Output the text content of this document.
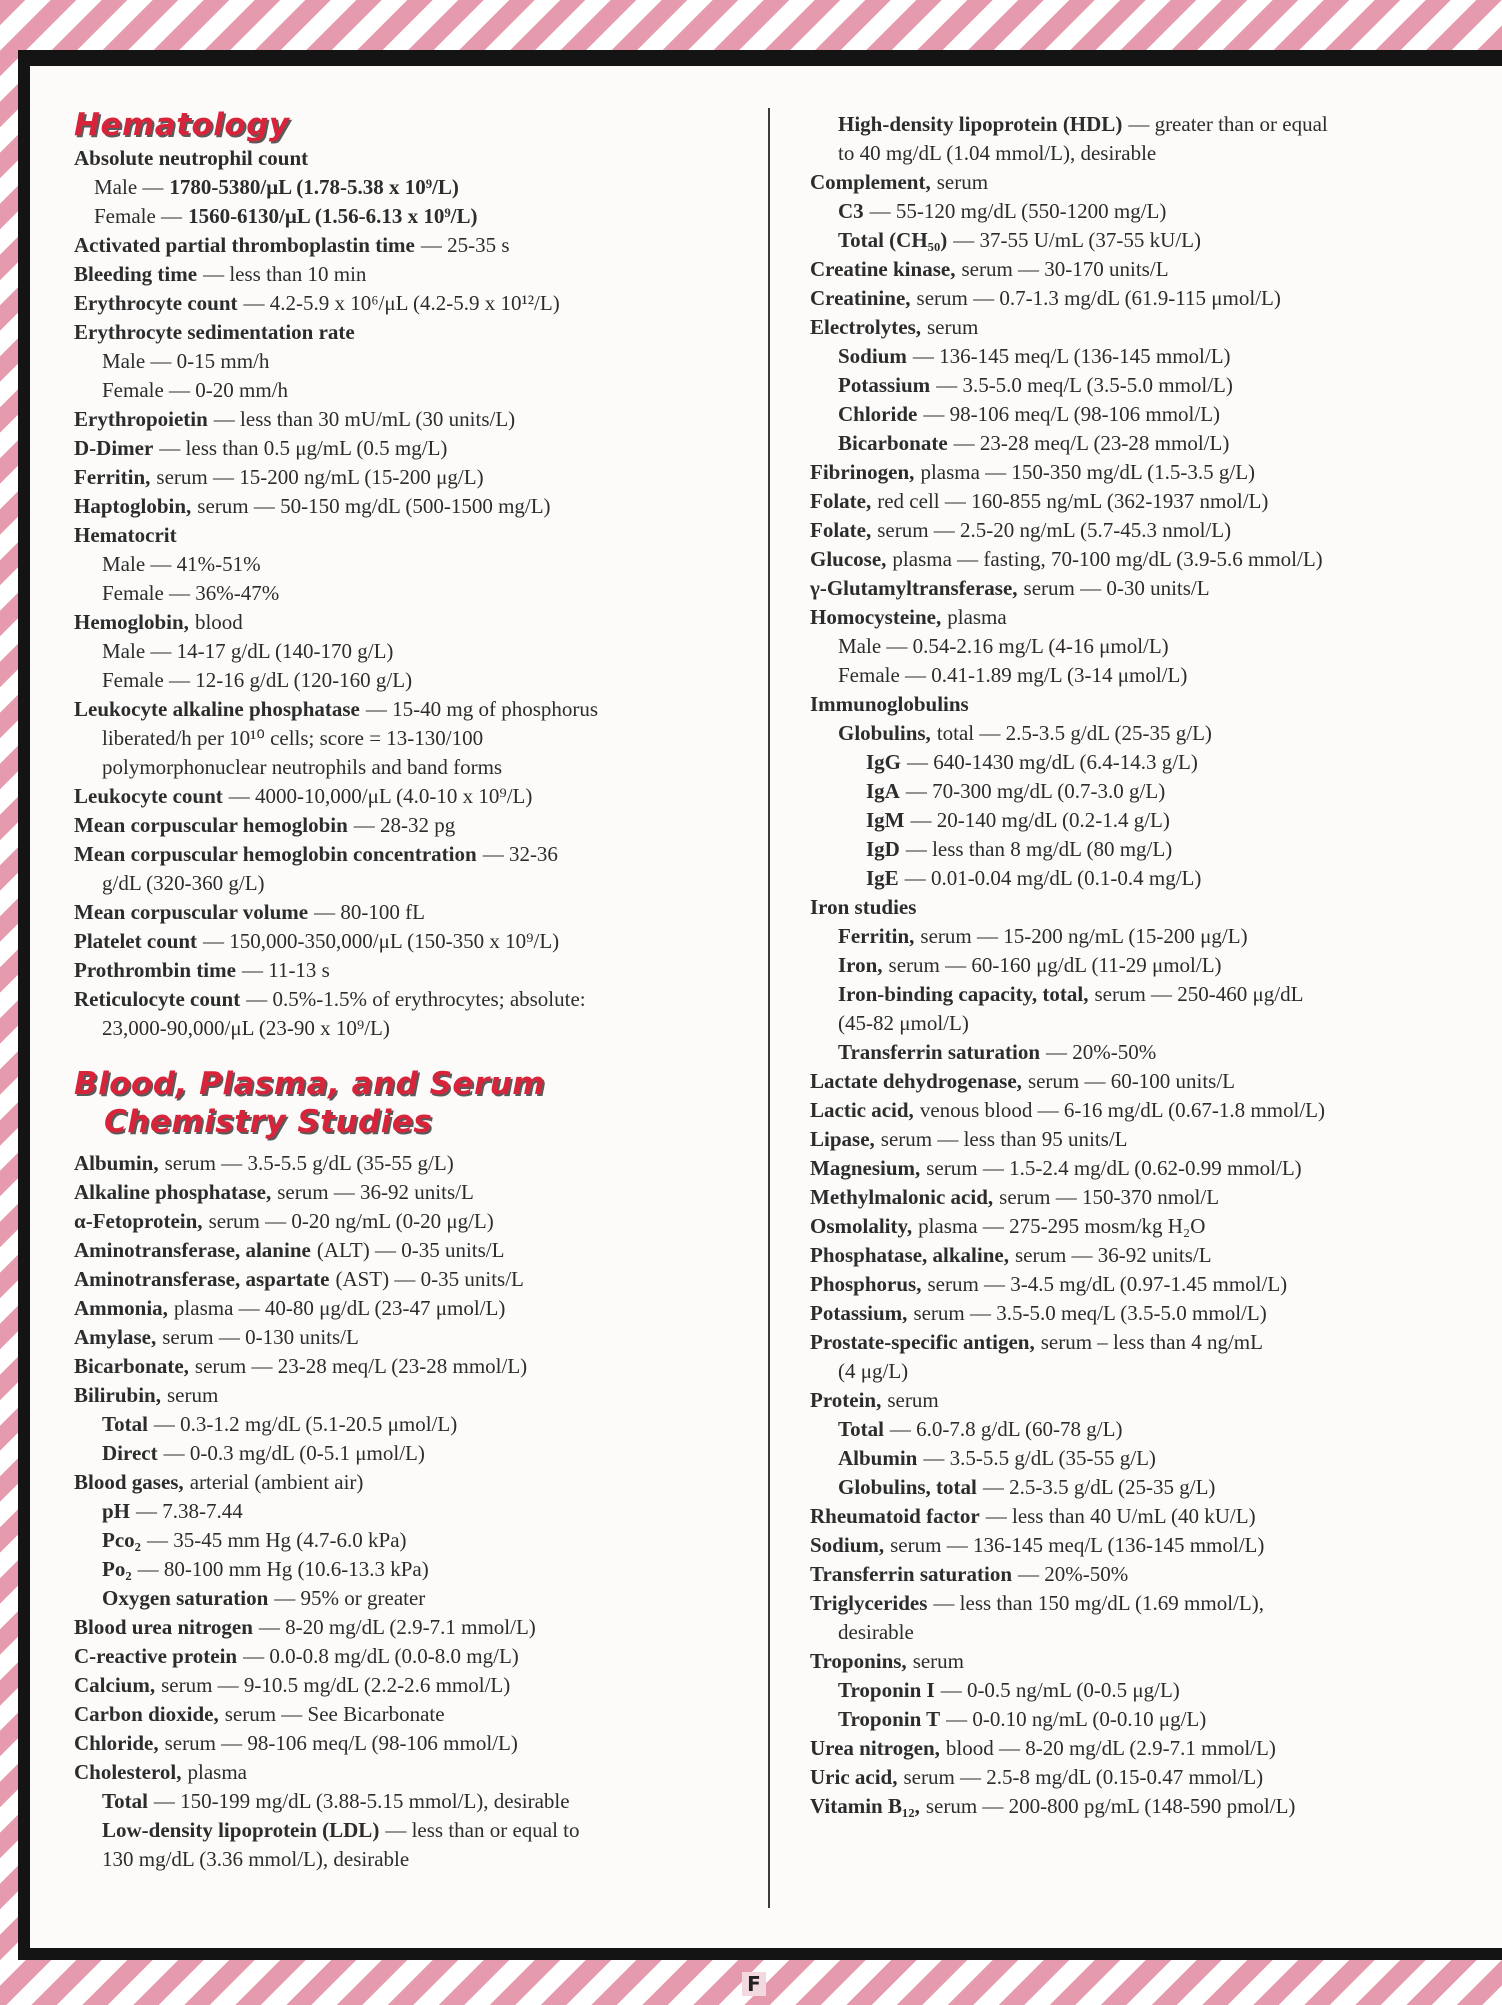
Hematology
Absolute neutrophil count
Male — 1780-5380/μL (1.78-5.38 x 10⁹/L)
Female — 1560-6130/μL (1.56-6.13 x 10⁹/L)
Activated partial thromboplastin time — 25-35 s
Bleeding time — less than 10 min
Erythrocyte count — 4.2-5.9 x 10⁶/μL (4.2-5.9 x 10¹²/L)
Erythrocyte sedimentation rate
Male — 0-15 mm/h
Female — 0-20 mm/h
Erythropoietin — less than 30 mU/mL (30 units/L)
D-Dimer — less than 0.5 μg/mL (0.5 mg/L)
Ferritin, serum — 15-200 ng/mL (15-200 μg/L)
Haptoglobin, serum — 50-150 mg/dL (500-1500 mg/L)
Hematocrit
Male — 41%-51%
Female — 36%-47%
Hemoglobin, blood
Male — 14-17 g/dL (140-170 g/L)
Female — 12-16 g/dL (120-160 g/L)
Leukocyte alkaline phosphatase — 15-40 mg of phosphorus
liberated/h per 10¹⁰ cells; score = 13-130/100
polymorphonuclear neutrophils and band forms
Leukocyte count — 4000-10,000/μL (4.0-10 x 10⁹/L)
Mean corpuscular hemoglobin — 28-32 pg
Mean corpuscular hemoglobin concentration — 32-36
g/dL (320-360 g/L)
Mean corpuscular volume — 80-100 fL
Platelet count — 150,000-350,000/μL (150-350 x 10⁹/L)
Prothrombin time — 11-13 s
Reticulocyte count — 0.5%-1.5% of erythrocytes; absolute:
23,000-90,000/μL (23-90 x 10⁹/L)
Blood, Plasma, and Serum
Chemistry Studies
Albumin, serum — 3.5-5.5 g/dL (35-55 g/L)
Alkaline phosphatase, serum — 36-92 units/L
α-Fetoprotein, serum — 0-20 ng/mL (0-20 μg/L)
Aminotransferase, alanine (ALT) — 0-35 units/L
Aminotransferase, aspartate (AST) — 0-35 units/L
Ammonia, plasma — 40-80 μg/dL (23-47 μmol/L)
Amylase, serum — 0-130 units/L
Bicarbonate, serum — 23-28 meq/L (23-28 mmol/L)
Bilirubin, serum
Total — 0.3-1.2 mg/dL (5.1-20.5 μmol/L)
Direct — 0-0.3 mg/dL (0-5.1 μmol/L)
Blood gases, arterial (ambient air)
pH — 7.38-7.44
Pco₂ — 35-45 mm Hg (4.7-6.0 kPa)
Po₂ — 80-100 mm Hg (10.6-13.3 kPa)
Oxygen saturation — 95% or greater
Blood urea nitrogen — 8-20 mg/dL (2.9-7.1 mmol/L)
C-reactive protein — 0.0-0.8 mg/dL (0.0-8.0 mg/L)
Calcium, serum — 9-10.5 mg/dL (2.2-2.6 mmol/L)
Carbon dioxide, serum — See Bicarbonate
Chloride, serum — 98-106 meq/L (98-106 mmol/L)
Cholesterol, plasma
Total — 150-199 mg/dL (3.88-5.15 mmol/L), desirable
Low-density lipoprotein (LDL) — less than or equal to
130 mg/dL (3.36 mmol/L), desirable
High-density lipoprotein (HDL) — greater than or equal
to 40 mg/dL (1.04 mmol/L), desirable
Complement, serum
C3 — 55-120 mg/dL (550-1200 mg/L)
Total (CH₅₀) — 37-55 U/mL (37-55 kU/L)
Creatine kinase, serum — 30-170 units/L
Creatinine, serum — 0.7-1.3 mg/dL (61.9-115 μmol/L)
Electrolytes, serum
Sodium — 136-145 meq/L (136-145 mmol/L)
Potassium — 3.5-5.0 meq/L (3.5-5.0 mmol/L)
Chloride — 98-106 meq/L (98-106 mmol/L)
Bicarbonate — 23-28 meq/L (23-28 mmol/L)
Fibrinogen, plasma — 150-350 mg/dL (1.5-3.5 g/L)
Folate, red cell — 160-855 ng/mL (362-1937 nmol/L)
Folate, serum — 2.5-20 ng/mL (5.7-45.3 nmol/L)
Glucose, plasma — fasting, 70-100 mg/dL (3.9-5.6 mmol/L)
γ-Glutamyltransferase, serum — 0-30 units/L
Homocysteine, plasma
Male — 0.54-2.16 mg/L (4-16 μmol/L)
Female — 0.41-1.89 mg/L (3-14 μmol/L)
Immunoglobulins
Globulins, total — 2.5-3.5 g/dL (25-35 g/L)
IgG — 640-1430 mg/dL (6.4-14.3 g/L)
IgA — 70-300 mg/dL (0.7-3.0 g/L)
IgM — 20-140 mg/dL (0.2-1.4 g/L)
IgD — less than 8 mg/dL (80 mg/L)
IgE — 0.01-0.04 mg/dL (0.1-0.4 mg/L)
Iron studies
Ferritin, serum — 15-200 ng/mL (15-200 μg/L)
Iron, serum — 60-160 μg/dL (11-29 μmol/L)
Iron-binding capacity, total, serum — 250-460 μg/dL
(45-82 μmol/L)
Transferrin saturation — 20%-50%
Lactate dehydrogenase, serum — 60-100 units/L
Lactic acid, venous blood — 6-16 mg/dL (0.67-1.8 mmol/L)
Lipase, serum — less than 95 units/L
Magnesium, serum — 1.5-2.4 mg/dL (0.62-0.99 mmol/L)
Methylmalonic acid, serum — 150-370 nmol/L
Osmolality, plasma — 275-295 mosm/kg H₂O
Phosphatase, alkaline, serum — 36-92 units/L
Phosphorus, serum — 3-4.5 mg/dL (0.97-1.45 mmol/L)
Potassium, serum — 3.5-5.0 meq/L (3.5-5.0 mmol/L)
Prostate-specific antigen, serum – less than 4 ng/mL
(4 μg/L)
Protein, serum
Total — 6.0-7.8 g/dL (60-78 g/L)
Albumin — 3.5-5.5 g/dL (35-55 g/L)
Globulins, total — 2.5-3.5 g/dL (25-35 g/L)
Rheumatoid factor — less than 40 U/mL (40 kU/L)
Sodium, serum — 136-145 meq/L (136-145 mmol/L)
Transferrin saturation — 20%-50%
Triglycerides — less than 150 mg/dL (1.69 mmol/L),
desirable
Troponins, serum
Troponin I — 0-0.5 ng/mL (0-0.5 μg/L)
Troponin T — 0-0.10 ng/mL (0-0.10 μg/L)
Urea nitrogen, blood — 8-20 mg/dL (2.9-7.1 mmol/L)
Uric acid, serum — 2.5-8 mg/dL (0.15-0.47 mmol/L)
Vitamin B₁₂, serum — 200-800 pg/mL (148-590 pmol/L)
F
